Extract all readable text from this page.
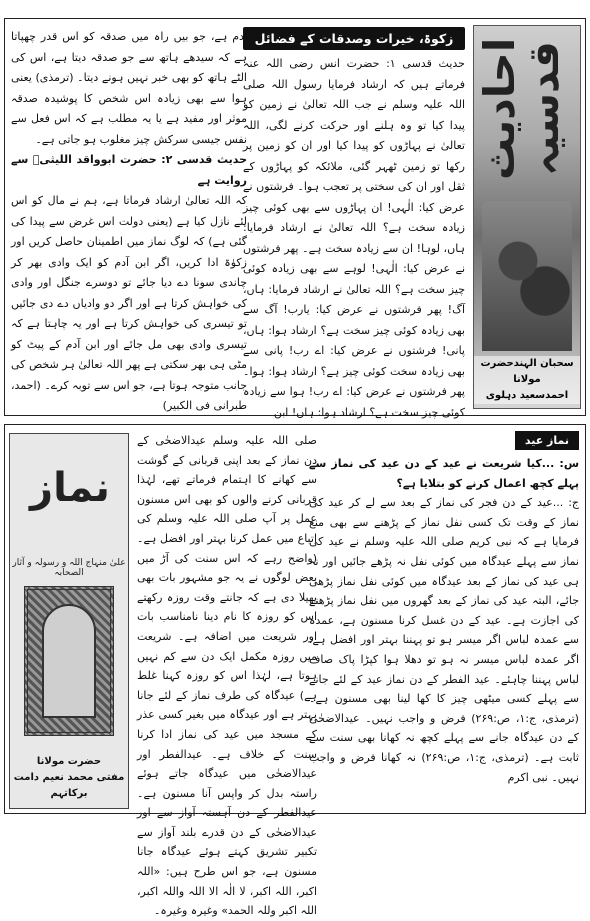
احادیث قدسیہ
سحبان الہندحضرت مولانا
احمدسعید دہلوی
زکوۃ، خیرات وصدقات کے فضائل

حدیث قدسی ۱: حضرت انس رضی اللہ عنہ فرماتے ہیں کہ ارشاد فرمایا رسول اللہ صلی اللہ علیہ وسلم نے جب اللہ تعالیٰ نے زمین کو پیدا کیا تو وہ ہلنے اور حرکت کرنے لگی، اللہ تعالیٰ نے پہاڑوں کو پیدا کیا اور ان کو زمین پر رکھا تو زمین ٹھہر گئی، ملائکہ کو پہاڑوں کے ثقل اور ان کی سختی پر تعجب ہوا۔ فرشتوں نے عرض کیا: الٰہی! ان پہاڑوں سے بھی کوئی چیز زیادہ سخت ہے؟ اللہ تعالیٰ نے ارشاد فرمایا: ہاں، لوہا! ان سے زیادہ سخت ہے۔ پھر فرشتوں نے عرض کیا: الٰہی! لوہے سے بھی زیادہ کوئی چیز سخت ہے؟ اللہ تعالیٰ نے ارشاد فرمایا: ہاں، آگ! پھر فرشتوں نے عرض کیا: یارب! آگ سے بھی زیادہ کوئی چیز سخت ہے؟ ارشاد ہوا: ہاں، پانی! فرشتوں نے عرض کیا: اے رب! پانی سے بھی زیادہ سخت کوئی چیز ہے؟ ارشاد ہوا: ہوا۔ پھر فرشتوں نے عرض کیا: اے رب! ہوا سے زیادہ کوئی چیز سخت ہے؟ ارشاد ہوا: ہاں! ابن

آدم ہے، جو بیں راہ میں صدقہ کو اس قدر چھپاتا ہے کہ سیدھے ہاتھ سے جو صدقہ دیتا ہے، اس کی الٹے ہاتھ کو بھی خبر نہیں ہونے دیتا۔ (ترمذی) یعنی ہوا سے بھی زیادہ اس شخص کا پوشیدہ صدقہ موثر اور مفید ہے یا یہ مطلب ہے کہ اس فعل سے نفس جیسی سرکش چیز مغلوب ہو جاتی ہے۔

حدیث قدسی ۲: حضرت ابوواقد اللیثیؓ سے روایت ہے

کہ اللہ تعالیٰ ارشاد فرماتا ہے، ہم نے مال کو اس لئے نازل کیا ہے (یعنی دولت اس غرض سے پیدا کی گئی ہے) کہ لوگ نماز میں اطمینان حاصل کریں اور زکوٰۃ ادا کریں، اگر ابن آدم کو ایک وادی بھر کر چاندی سونا دے دیا جائے تو دوسرے جنگل اور وادی کی خواہش کرتا ہے اور اگر دو وادیاں دے دی جائیں تو تیسری کی خواہش کرتا ہے اور یہ چاہتا ہے کہ تیسری وادی بھی مل جائے اور ابن آدم کے پیٹ کو مٹی ہی بھر سکتی ہے پھر اللہ تعالیٰ ہر شخص کی جانب متوجہ ہوتا ہے، جو اس سے توبہ کرے۔ (احمد، طبرانی فی الکبیر)

نماز عید

س: ...کیا شریعت نے عید کے دن عید کی نماز سے پہلے کچھ اعمال کرنے کو بتلایا ہے؟

ج: ...عید کے دن فجر کی نماز کے بعد سے لے کر عید کی نماز کے وقت تک کسی نفل نماز کے پڑھنے سے بھی منع فرمایا ہے کہ نبی کریم صلی اللہ علیہ وسلم نے عید کی نماز سے پہلے عیدگاہ میں کوئی نفل نہ پڑھے جائیں اور نہ ہی عید کی نماز کے بعد عیدگاہ میں کوئی نفل نماز پڑھی جائے، البتہ عید کی نماز کے بعد گھروں میں نفل نماز پڑھنے کی اجازت ہے۔ عید کے دن غسل کرنا مسنون ہے، عمدہ سے عمدہ لباس اگر میسر ہو تو پہننا بہتر اور افضل ہے، اگر عمدہ لباس میسر نہ ہو تو دھلا ہوا کپڑا پاک صاف لباس پہننا چاہئے۔ عید الفطر کے دن نماز عید کے لئے جانے سے پہلے کسی میٹھی چیز کا کھا لینا بھی مسنون ہے۔ (ترمذی، ج:۱، ص:۲۶۹) فرض و واجب نہیں۔ عیدالاضحٰی کے دن عیدگاہ جانے سے پہلے کچھ نہ کھانا بھی سنت سے ثابت ہے۔ (ترمذی، ج:۱، ص:۲۶۹) نہ کھانا فرض و واجب نہیں۔ نبی اکرم

صلی اللہ علیہ وسلم عیدالاضحٰی کے دن نماز کے بعد اپنی قربانی کے گوشت سے کھانے کا اہتمام فرماتے تھے، لہٰذا قربانی کرنے والوں کو بھی اس مسنون عمل پر آپ صلی اللہ علیہ وسلم کی اتباع میں عمل کرنا بہتر اور افضل ہے۔ (واضح رہے کہ اس سنت کی آڑ میں بعض لوگوں نے یہ جو مشہور بات بھی پھیلا دی ہے کہ جانتے وقت روزہ رکھتے اس کو روزہ کا نام دینا نامناسب بات اور شریعت میں اضافہ ہے۔ شریعت میں روزہ مکمل ایک دن سے کم نہیں ہوتا ہے، لہٰذا اس کو روزہ کہنا غلط ہے) عیدگاہ کی طرف نماز کے لئے جانا بہتر ہے اور عیدگاہ میں بغیر کسی عذر کے مسجد میں عید کی نماز ادا کرنا سنت کے خلاف ہے۔ عیدالفطر اور عیدالاضحٰی میں عیدگاہ جاتے ہوئے راستہ بدل کر واپس آنا مسنون ہے۔ عیدالفطر کے دن آہستہ آواز سے اور عیدالاضحٰی کے دن قدرے بلند آواز سے تکبیر تشریق کہتے ہوئے عیدگاہ جانا مسنون ہے، جو اس طرح ہیں: «اللہ اکبر، اللہ اکبر، لا الٰہ الا اللہ واللہ اکبر، اللہ اکبر وللہ الحمد» وغیرہ وغیرہ۔

نماز
علیٰ منہاج اللہ و رسولہ و آثار الصحابہ
حضرت مولانا
مفتی محمد نعیم دامت برکاتہم
